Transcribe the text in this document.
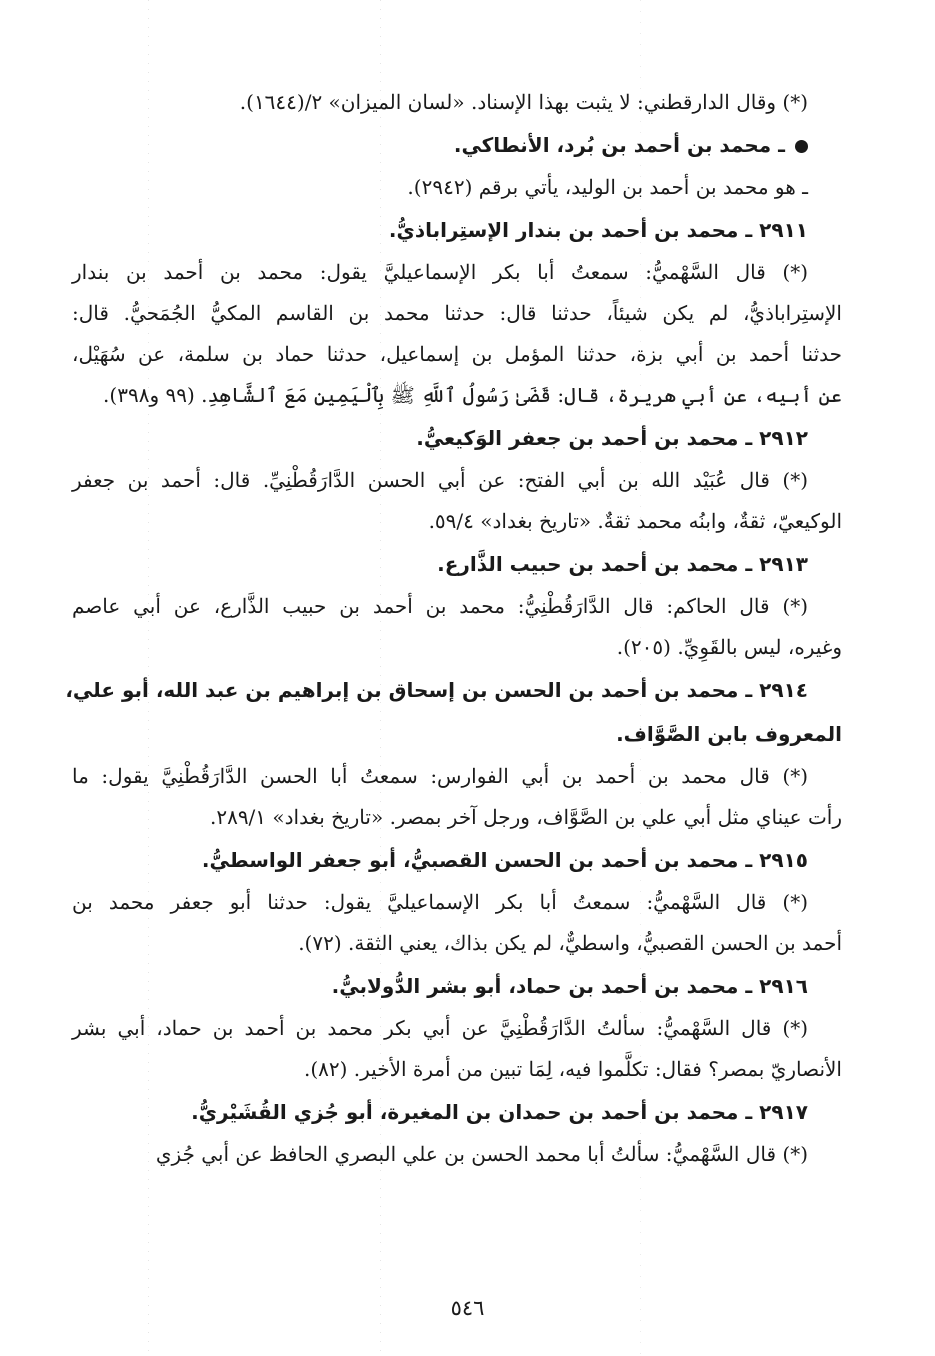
(*) وقال الدارقطني: لا يثبت بهذا الإسناد. «لسان الميزان» ٢/(١٦٤٤).
ـ محمد بن أحمد بن بُرد، الأنطاكي.
ـ هو محمد بن أحمد بن الوليد، يأتي برقم (٢٩٤٢).
٢٩١١ ـ محمد بن أحمد بن بندار الإستِراباذيُّ.
(*) قال السَّهْميُّ: سمعتُ أبا بكر الإسماعيليَّ يقول: محمد بن أحمد بن بندار
الإستِراباذيُّ، لم يكن شيئاً، حدثنا قال: حدثنا محمد بن القاسم المكيُّ الجُمَحيُّ. قال:
حدثنا أحمد بن أبي بزة، حدثنا المؤمل بن إسماعيل، حدثنا حماد بن سلمة، عن سُهَيْل،
عن أبيه، عن أبي هريرة، قال: قَضَىٰ رَسُولُ ٱللَّهِ ﷺ بِٱلْيَمِينِ مَعَ ٱلشَّاهِدِ. (٩٩ و٣٩٨).
٢٩١٢ ـ محمد بن أحمد بن جعفر الوَكيعيُّ.
(*) قال عُبَيْد الله بن أبي الفتح: عن أبي الحسن الدَّارَقُطْنِيِّ. قال: أحمد بن جعفر
الوكيعيّ، ثقةٌ، وابنُه محمد ثقةٌ. «تاريخ بغداد» ٥٩/٤.
٢٩١٣ ـ محمد بن أحمد بن حبيب الذَّارع.
(*) قال الحاكم: قال الدَّارَقُطْنِيُّ: محمد بن أحمد بن حبيب الذَّارع، عن أبي عاصم
وغيره، ليس بالقَوِيِّ. (٢٠٥).
٢٩١٤ ـ محمد بن أحمد بن الحسن بن إسحاق بن إبراهيم بن عبد الله، أبو علي،
المعروف بابن الصَّوَّاف.
(*) قال محمد بن أحمد بن أبي الفوارس: سمعتُ أبا الحسن الدَّارَقُطْنِيَّ يقول: ما
رأت عيناي مثل أبي علي بن الصَّوَّاف، ورجل آخر بمصر. «تاريخ بغداد» ٢٨٩/١.
٢٩١٥ ـ محمد بن أحمد بن الحسن القصبيُّ، أبو جعفر الواسطيُّ.
(*) قال السَّهْميُّ: سمعتُ أبا بكر الإسماعيليَّ يقول: حدثنا أبو جعفر محمد بن
أحمد بن الحسن القصبيُّ، واسطيٌّ، لم يكن بذاك، يعني الثقة. (٧٢).
٢٩١٦ ـ محمد بن أحمد بن حماد، أبو بشر الدُّولابيُّ.
(*) قال السَّهْميُّ: سألتُ الدَّارَقُطْنِيَّ عن أبي بكر محمد بن أحمد بن حماد، أبي بشر
الأنصاريّ بمصر؟ فقال: تكلَّموا فيه، لِمَا تبين من أمرة الأخير. (٨٢).
٢٩١٧ ـ محمد بن أحمد بن حمدان بن المغيرة، أبو جُزي القُشَيْريُّ.
(*) قال السَّهْميُّ: سألتُ أبا محمد الحسن بن علي البصري الحافظ عن أبي جُزي
٥٤٦
